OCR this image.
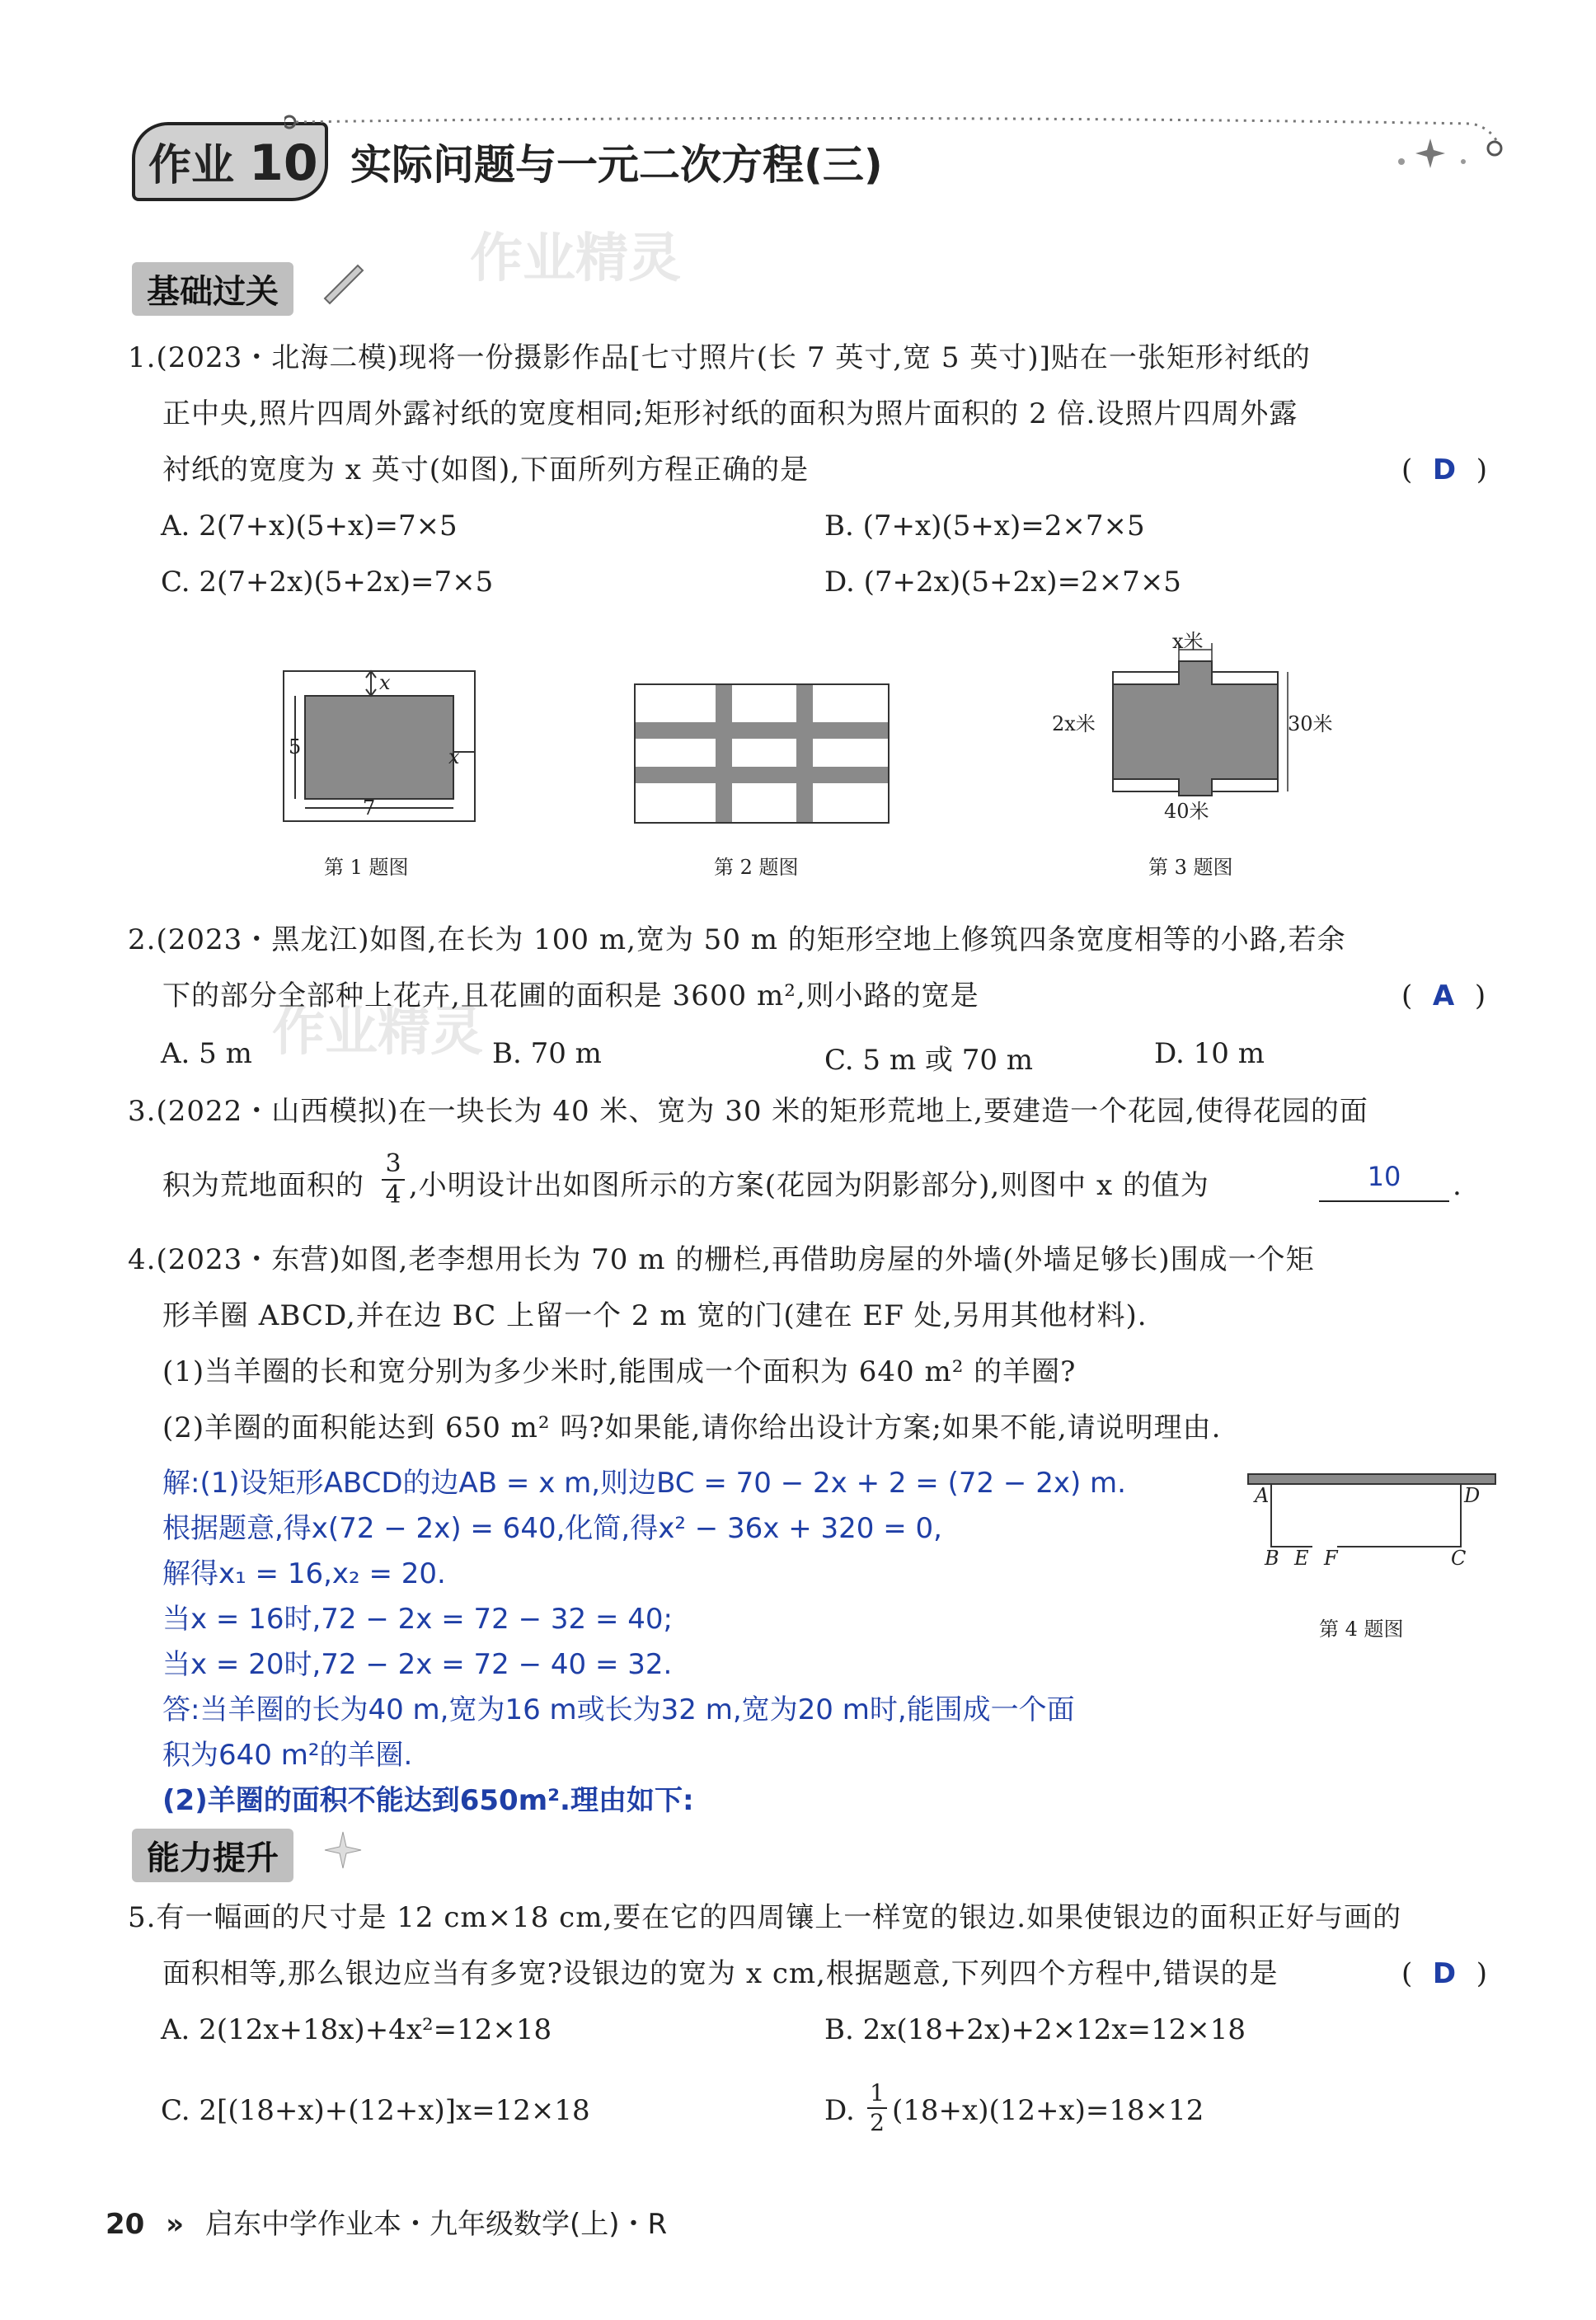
作业 10 实际问题与一元二次方程(三)
作业精灵
作业精灵
基础过关
1.(2023・北海二模)现将一份摄影作品[七寸照片(长 7 英寸,宽 5 英寸)]贴在一张矩形衬纸的
正中央,照片四周外露衬纸的宽度相同;矩形衬纸的面积为照片面积的 2 倍.设照片四周外露
衬纸的宽度为 x 英寸(如图),下面所列方程正确的是	(  D  )
A. 2(7+x)(5+x)=7×5	B. (7+x)(5+x)=2×7×5
C. 2(7+2x)(5+2x)=7×5	D. (7+2x)(5+2x)=2×7×5
x
x
5
7
第 1 题图	第 2 题图
x米
2x米	30米
40米
第 3 题图
2.(2023・黑龙江)如图,在长为 100 m,宽为 50 m 的矩形空地上修筑四条宽度相等的小路,若余
下的部分全部种上花卉,且花圃的面积是 3600 m²,则小路的宽是	(  A  )
A. 5 m	B. 70 m	C. 5 m 或 70 m	D. 10 m
3.(2022・山西模拟)在一块长为 40 米、宽为 30 米的矩形荒地上,要建造一个花园,使得花园的面
积为荒地面积的 $\frac{3}{4}$ ,小明设计出如图所示的方案(花园为阴影部分),则图中 x 的值为	10	.
4.(2023・东营)如图,老李想用长为 70 m 的栅栏,再借助房屋的外墙(外墙足够长)围成一个矩
形羊圈 ABCD,并在边 BC 上留一个 2 m 宽的门(建在 EF 处,另用其他材料).
(1)当羊圈的长和宽分别为多少米时,能围成一个面积为 640 m² 的羊圈?
(2)羊圈的面积能达到 650 m² 吗?如果能,请你给出设计方案;如果不能,请说明理由.
解:(1)设矩形ABCD的边AB = x m,则边BC = 70 − 2x + 2 = (72 − 2x) m.
根据题意,得x(72 − 2x) = 640,化简,得x² − 36x + 320 = 0,
解得x₁ = 16,x₂ = 20.
当x = 16时,72 − 2x = 72 − 32 = 40;
当x = 20时,72 − 2x = 72 − 40 = 32.
答:当羊圈的长为40 m,宽为16 m或长为32 m,宽为20 m时,能围成一个面
积为640 m²的羊圈.
(2)羊圈的面积不能达到650m².理由如下:
A	D
B E F	C
第 4 题图
能力提升
5.有一幅画的尺寸是 12 cm×18 cm,要在它的四周镶上一样宽的银边.如果使银边的面积正好与画的
面积相等,那么银边应当有多宽?设银边的宽为 x cm,根据题意,下列四个方程中,错误的是	(  D  )
A. 2(12x+18x)+4x²=12×18	B. 2x(18+2x)+2×12x=12×18
C. 2[(18+x)+(12+x)]x=12×18	D. $\frac{1}{2} (18+x)(12+x)=18\times 12$
20 » 启东中学作业本・九年级数学(上)・R
